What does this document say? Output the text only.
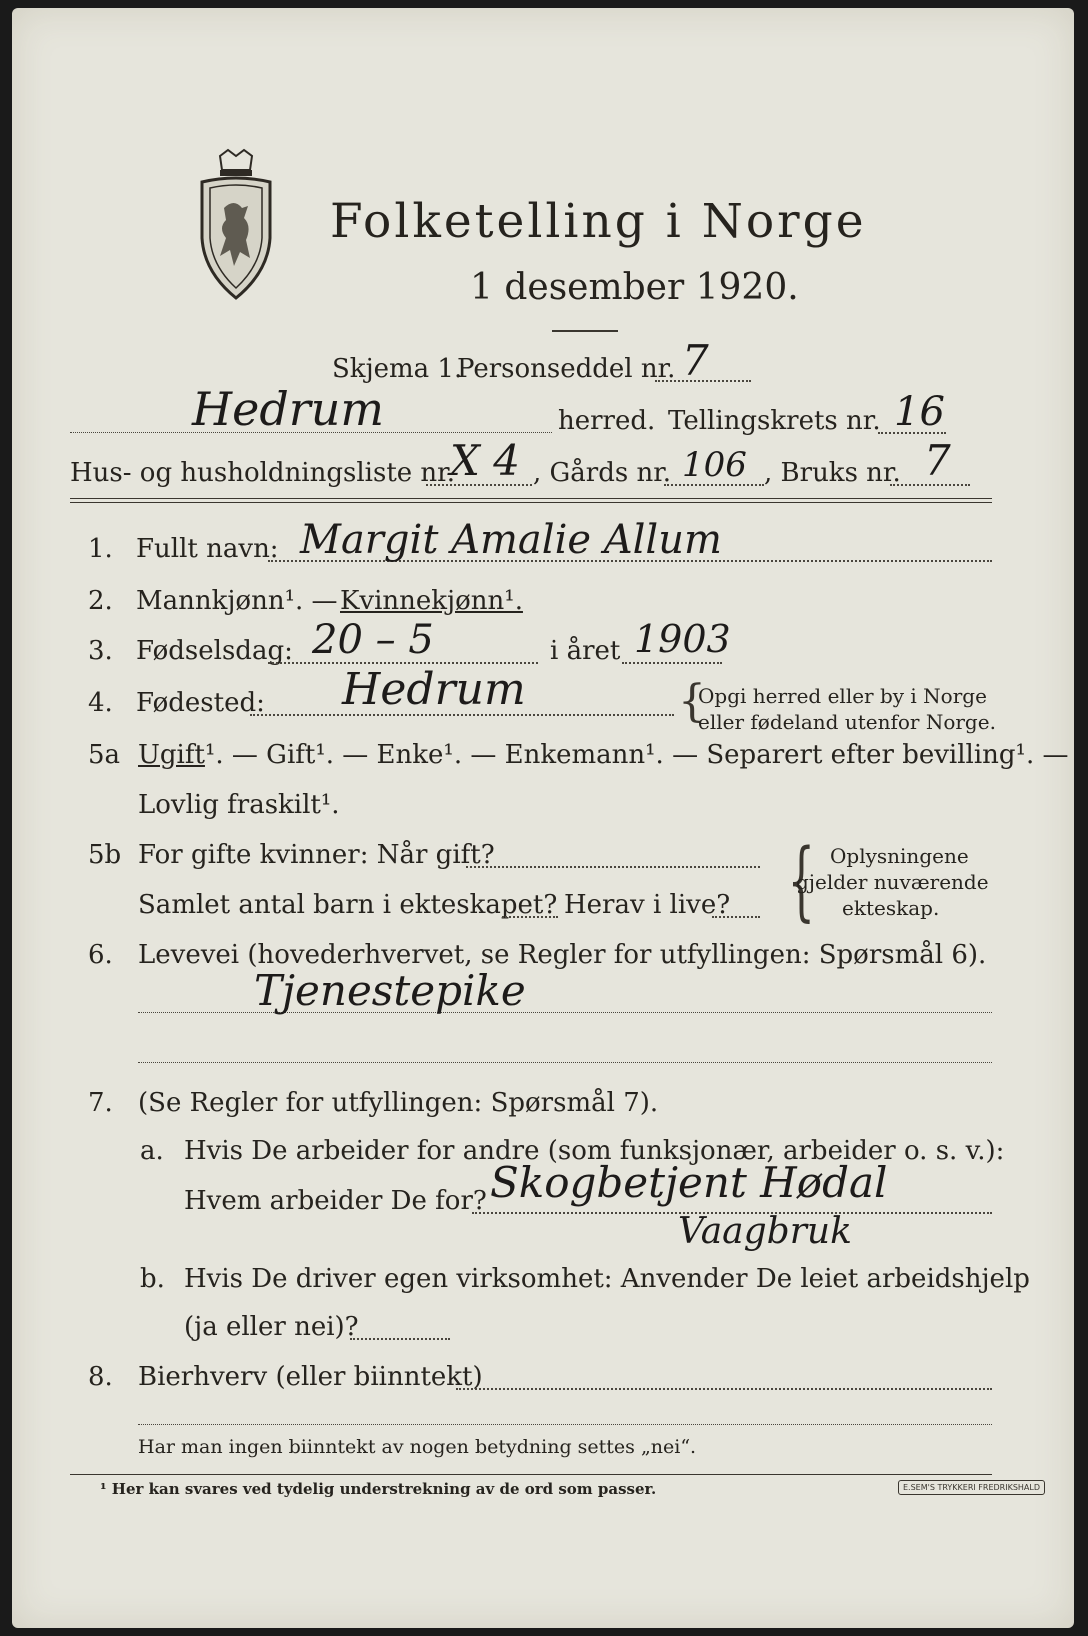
Folketelling i Norge
1 desember 1920.
Skjema 1.
Personseddel nr. 7
Hedrum	herred. Tellingskrets nr. 16
Hus- og husholdningsliste nr.
X 4 , Gårds nr. 106 , Bruks nr. 7
1. Fullt navn: Margit Amalie Allum
2. Mannkjønn¹. — Kvinnekjønn¹.
3. Fødselsdag: 20 – 5	i året 1903
4. Fødested: Hedrum	{
Opgi herred eller by i Norge
eller fødeland utenfor Norge.
5a Ugift¹. — Gift¹. — Enke¹. — Enkemann¹. — Separert efter bevilling¹. —
Lovlig fraskilt¹.
5b For gifte kvinner: Når gift?
Samlet antal barn i ekteskapet? Herav i live? { Oplysningene
gjelder nuværende
ekteskap.
6. Levevei (hovederhvervet, se Regler for utfyllingen: Spørsmål 6).
Tjenestepike
7. (Se Regler for utfyllingen: Spørsmål 7).
a. Hvis De arbeider for andre (som funksjonær, arbeider o. s. v.):
Hvem arbeider De for? Skogbetjent Hødal
Vaagbruk
b. Hvis De driver egen virksomhet: Anvender De leiet arbeidshjelp
(ja eller nei)?
8. Bierhverv (eller biinntekt)
Har man ingen biinntekt av nogen betydning settes „nei“.
¹ Her kan svares ved tydelig understrekning av de ord som passer.	E.SEM'S TRYKKERI FREDRIKSHALD
